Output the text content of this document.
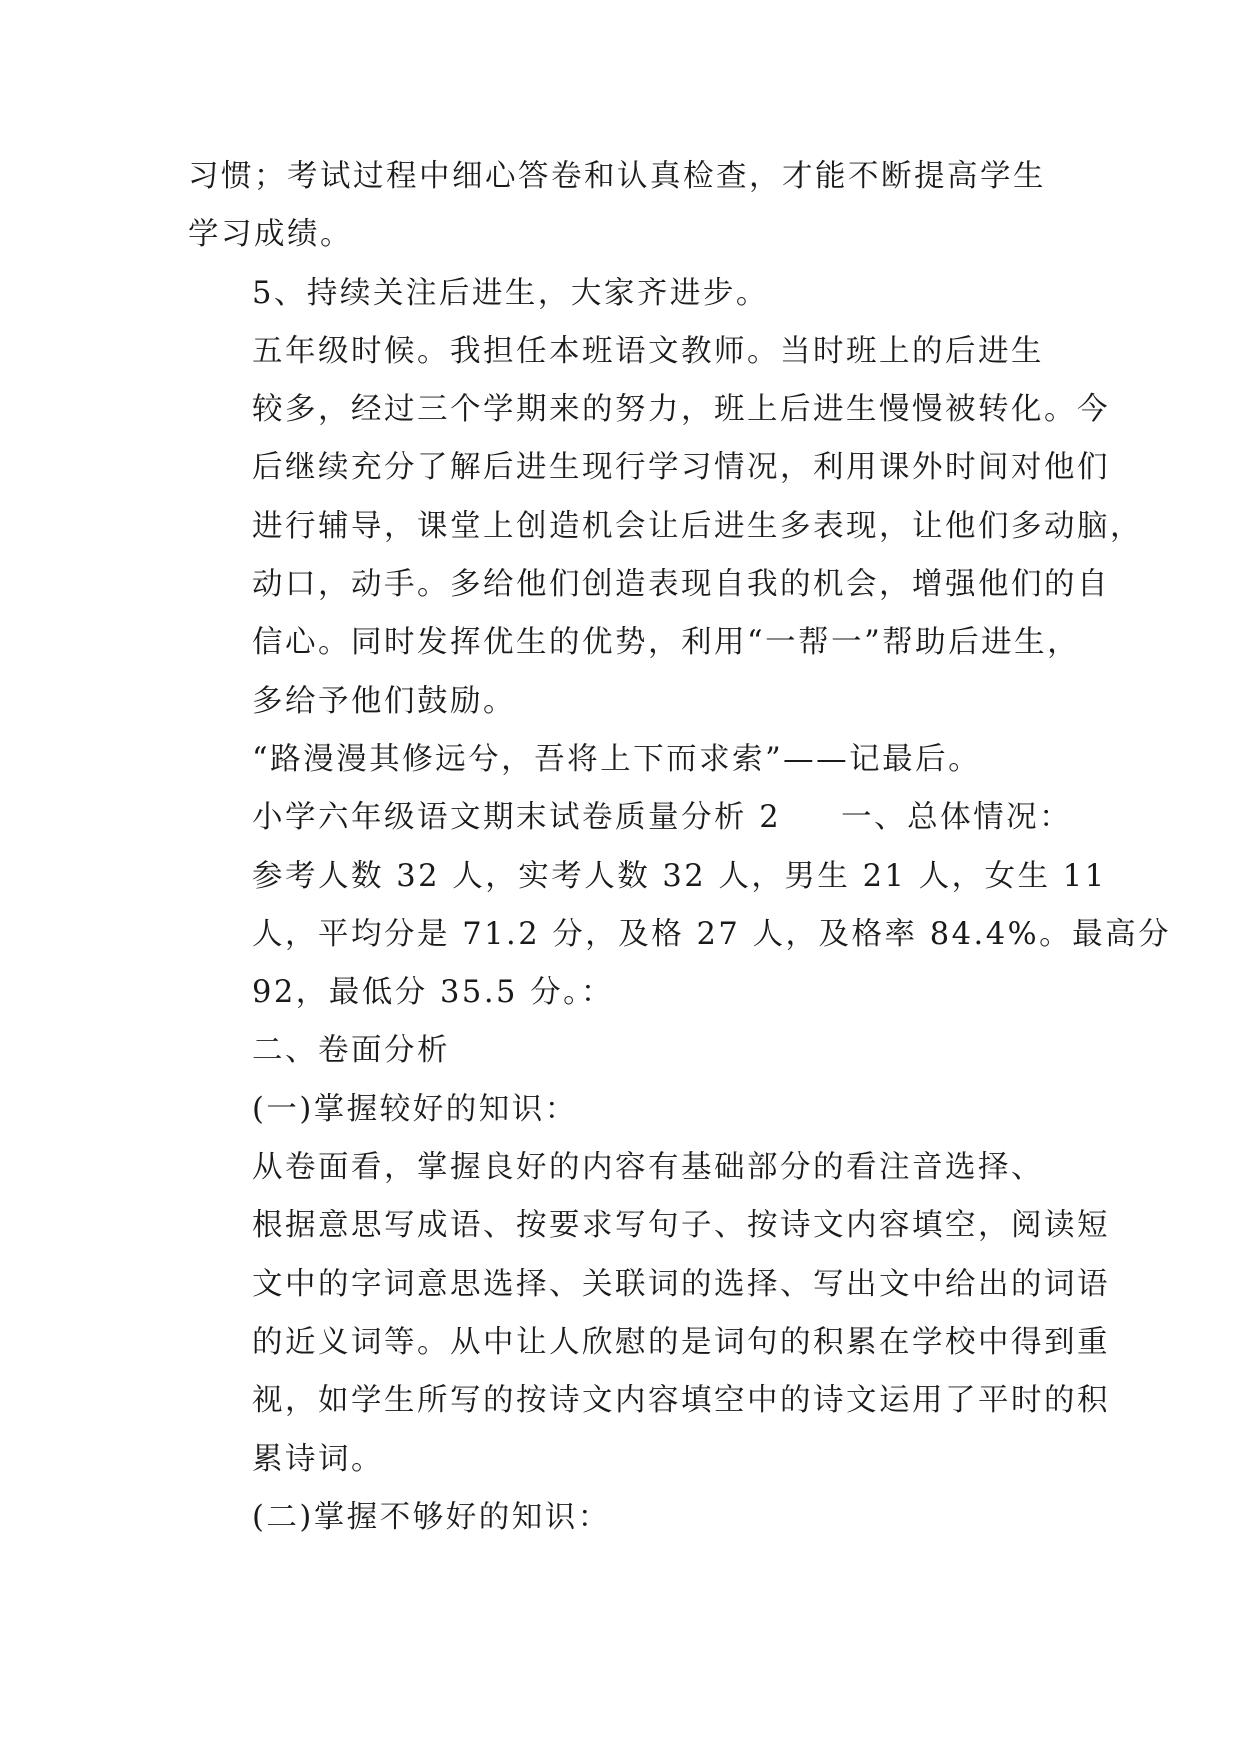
习惯；考试过程中细心答卷和认真检查，才能不断提高学生
学习成绩。

5、持续关注后进生，大家齐进步。

五年级时候。我担任本班语文教师。当时班上的后进生
较多，经过三个学期来的努力，班上后进生慢慢被转化。今
后继续充分了解后进生现行学习情况，利用课外时间对他们
进行辅导，课堂上创造机会让后进生多表现，让他们多动脑，
动口，动手。多给他们创造表现自我的机会，增强他们的自
信心。同时发挥优生的优势，利用“一帮一”帮助后进生，
多给予他们鼓励。

“路漫漫其修远兮，吾将上下而求索”——记最后。

小学六年级语文期末试卷质量分析 2 一、总体情况：

参考人数 32 人，实考人数 32 人，男生 21 人，女生 11
人，平均分是 71.2 分，及格 27 人，及格率 84.4%。最高分
92，最低分 35.5 分。：

二、卷面分析

(一)掌握较好的知识：

从卷面看，掌握良好的内容有基础部分的看注音选择、
根据意思写成语、按要求写句子、按诗文内容填空，阅读短
文中的字词意思选择、关联词的选择、写出文中给出的词语
的近义词等。从中让人欣慰的是词句的积累在学校中得到重
视，如学生所写的按诗文内容填空中的诗文运用了平时的积
累诗词。

(二)掌握不够好的知识：
